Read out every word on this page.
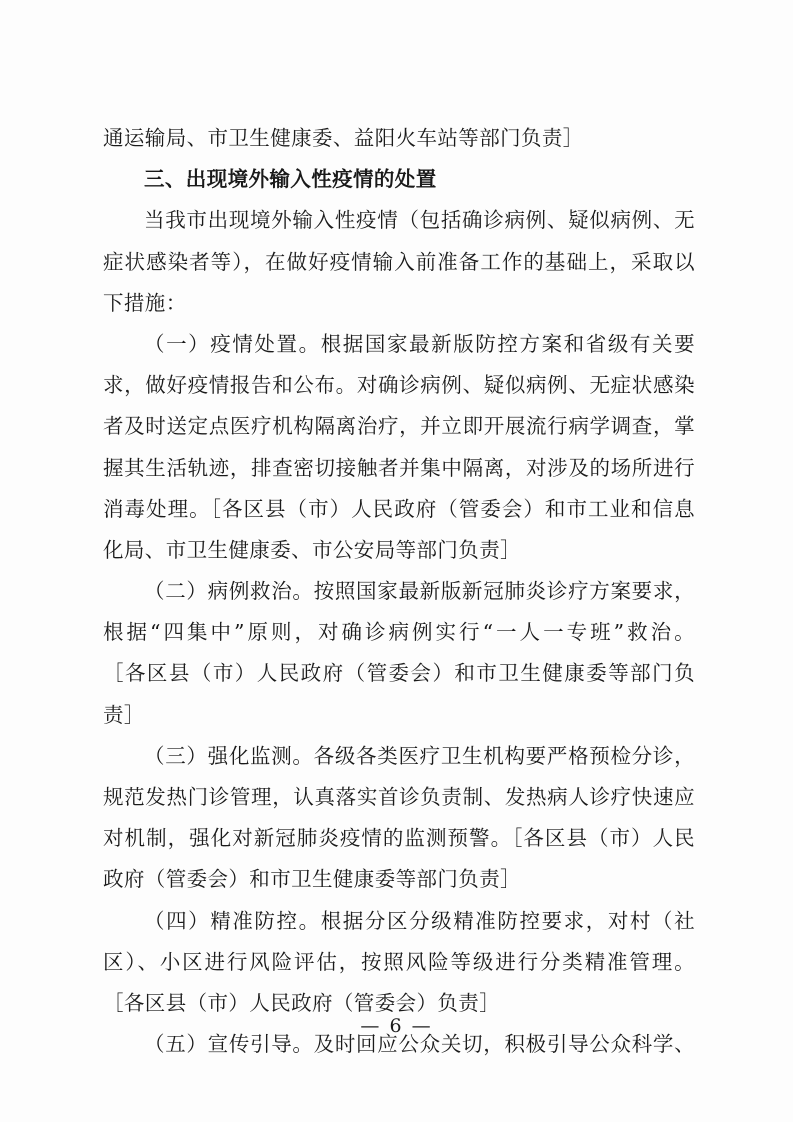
通运输局、市卫生健康委、益阳火车站等部门负责］
三、出现境外输入性疫情的处置
当我市出现境外输入性疫情（包括确诊病例、疑似病例、无
症状感染者等），在做好疫情输入前准备工作的基础上，采取以
下措施：
（一）疫情处置。根据国家最新版防控方案和省级有关要
求，做好疫情报告和公布。对确诊病例、疑似病例、无症状感染
者及时送定点医疗机构隔离治疗，并立即开展流行病学调查，掌
握其生活轨迹，排查密切接触者并集中隔离，对涉及的场所进行
消毒处理。［各区县（市）人民政府（管委会）和市工业和信息
化局、市卫生健康委、市公安局等部门负责］
（二）病例救治。按照国家最新版新冠肺炎诊疗方案要求，
根据“四集中”原则，对确诊病例实行“一人一专班”救治。
［各区县（市）人民政府（管委会）和市卫生健康委等部门负
责］
（三）强化监测。各级各类医疗卫生机构要严格预检分诊，
规范发热门诊管理，认真落实首诊负责制、发热病人诊疗快速应
对机制，强化对新冠肺炎疫情的监测预警。［各区县（市）人民
政府（管委会）和市卫生健康委等部门负责］
（四）精准防控。根据分区分级精准防控要求，对村（社
区）、小区进行风险评估，按照风险等级进行分类精准管理。
［各区县（市）人民政府（管委会）负责］
（五）宣传引导。及时回应公众关切，积极引导公众科学、
— 6 —
